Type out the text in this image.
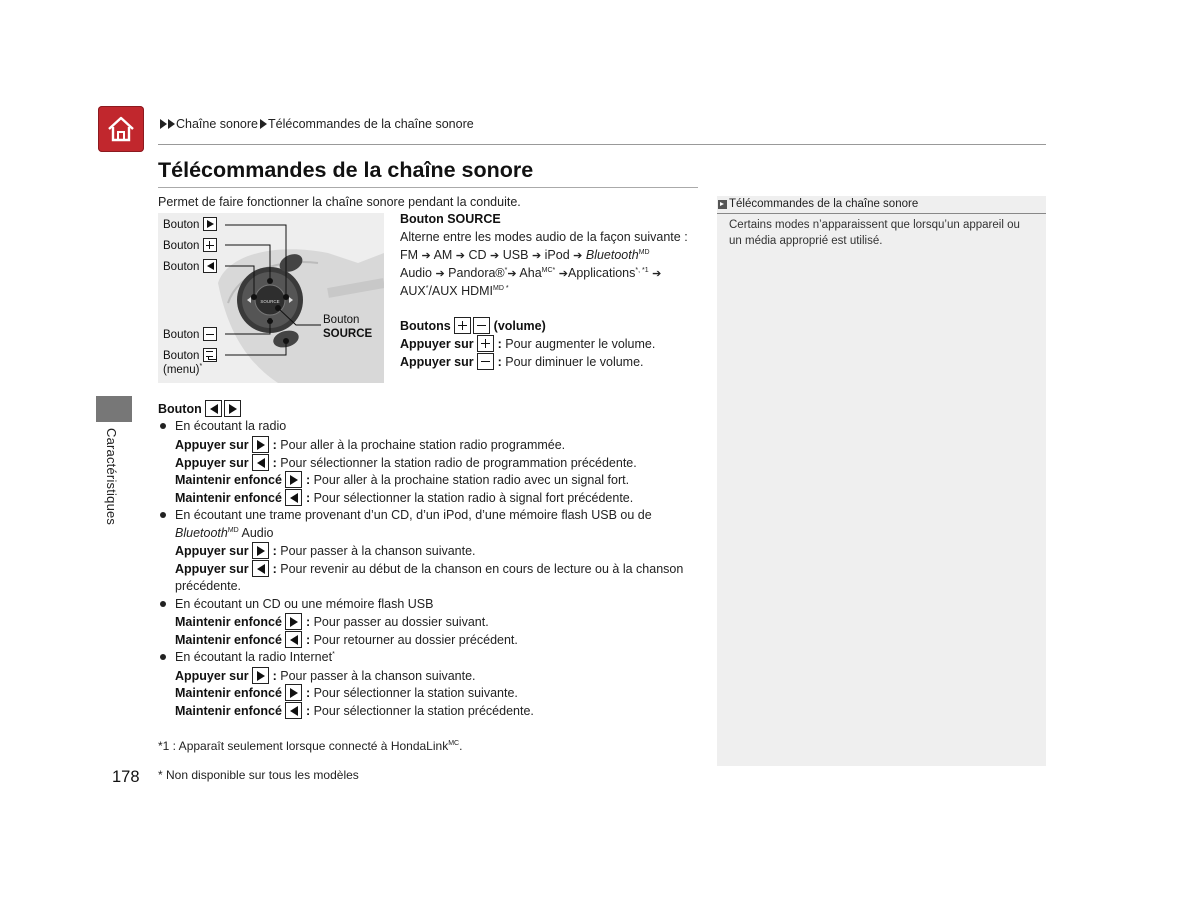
Chaîne sonore Télécommandes de la chaîne sonore
Télécommandes de la chaîne sonore
Permet de faire fonctionner la chaîne sonore pendant la conduite.
Caractéristiques
SOURCE
Bouton
Bouton
Bouton
Bouton
Bouton
(menu)*
Bouton
SOURCE
Bouton SOURCE
Alterne entre les modes audio de la façon suivante :
FM ➔ AM ➔ CD ➔ USB ➔ iPod ➔ Bluetooth$^{MD}$
Audio ➔ Pandora®*➔ Aha$^{MC*}$ ➔Applications$^{*, *1}$ ➔
AUX*/AUX $HDMI^{MD *}$
Boutons	(volume)
Appuyer sur : Pour augmenter le volume.
Appuyer sur : Pour diminuer le volume.
Bouton
En écoutant la radio
Appuyer sur : Pour aller à la prochaine station radio programmée.
Appuyer sur : Pour sélectionner la station radio de programmation précédente.
Maintenir enfoncé : Pour aller à la prochaine station radio avec un signal fort.
Maintenir enfoncé : Pour sélectionner la station radio à signal fort précédente.
En écoutant une trame provenant d’un CD, d’un iPod, d’une mémoire flash USB ou de
Bluetooth$^{MD}$ Audio
Appuyer sur : Pour passer à la chanson suivante.
Appuyer sur : Pour revenir au début de la chanson en cours de lecture ou à la chanson
précédente.
En écoutant un CD ou une mémoire flash USB
Maintenir enfoncé : Pour passer au dossier suivant.
Maintenir enfoncé : Pour retourner au dossier précédent.
En écoutant la radio Internet*
Appuyer sur : Pour passer à la chanson suivante.
Maintenir enfoncé : Pour sélectionner la station suivante.
Maintenir enfoncé : Pour sélectionner la station précédente.
*1 : Apparaît seulement lorsque connecté à HondaLink$^{MC}$.
* Non disponible sur tous les modèles
178
Télécommandes de la chaîne sonore
Certains modes n’apparaissent que lorsqu’un appareil ou un média approprié est utilisé.
